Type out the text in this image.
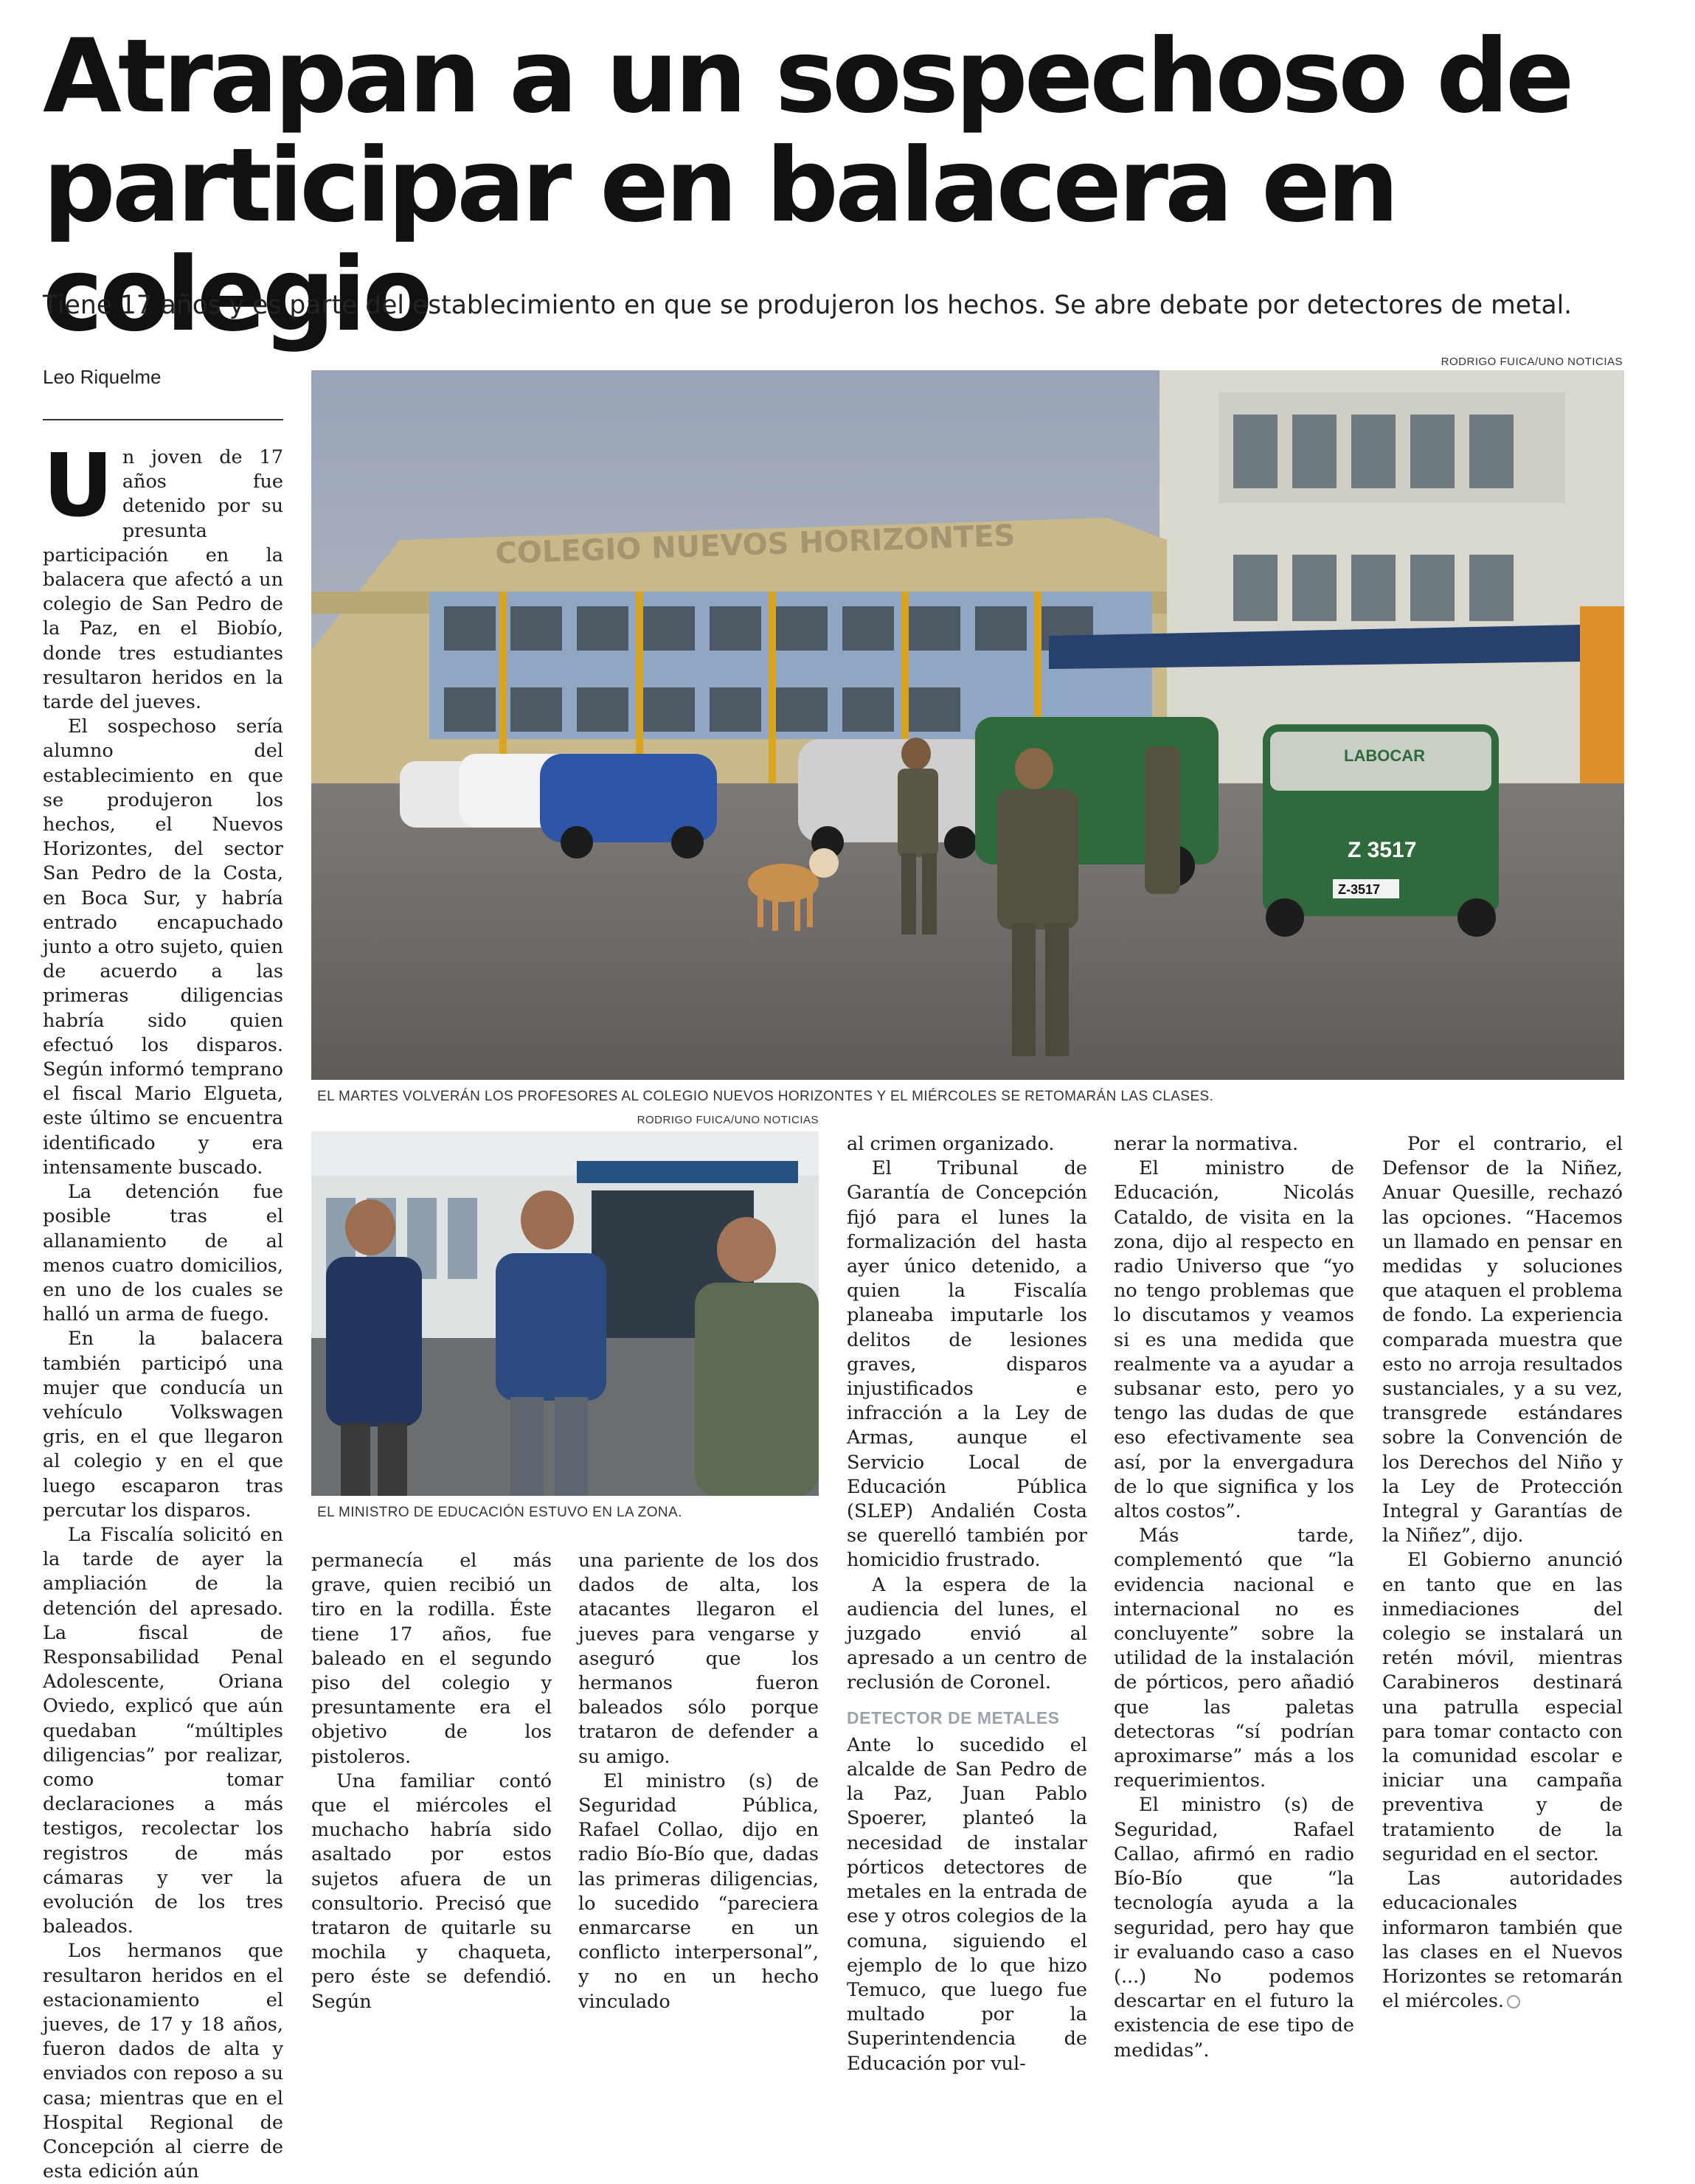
Atrapan a un sospechoso de participar en balacera en colegio

Tiene 17 años y es parte del establecimiento en que se produjeron los hechos. Se abre debate por detectores de metal.

Leo Riquelme
RODRIGO FUICA/UNO NOTICIAS
COLEGIO NUEVOS HORIZONTES
LABOCAR
Z 3517
Z-3517
EL MARTES VOLVERÁN LOS PROFESORES AL COLEGIO NUEVOS HORIZONTES Y EL MIÉRCOLES SE RETOMARÁN LAS CLASES.
RODRIGO FUICA/UNO NOTICIAS
EL MINISTRO DE EDUCACIÓN ESTUVO EN LA ZONA.
U n joven de 17 años fue detenido por su presunta participación en la balacera que afectó a un colegio de San Pedro de la Paz, en el Biobío, donde tres estudiantes resultaron heridos en la tarde del jueves.

El sospechoso sería alumno del establecimiento en que se produjeron los hechos, el Nuevos Horizontes, del sector San Pedro de la Costa, en Boca Sur, y habría entrado encapuchado junto a otro sujeto, quien de acuerdo a las primeras diligencias habría sido quien efectuó los disparos. Según informó temprano el fiscal Mario Elgueta, este último se encuentra identificado y era intensamente buscado.

La detención fue posible tras el allanamiento de al menos cuatro domicilios, en uno de los cuales se halló un arma de fuego.

En la balacera también participó una mujer que conducía un vehículo Volkswagen gris, en el que llegaron al colegio y en el que luego escaparon tras percutar los disparos.

La Fiscalía solicitó en la tarde de ayer la ampliación de la detención del apresado. La fiscal de Responsabilidad Penal Adolescente, Oriana Oviedo, explicó que aún quedaban “múltiples diligencias” por realizar, como tomar declaraciones a más testigos, recolectar los registros de más cámaras y ver la evolución de los tres baleados.

Los hermanos que resultaron heridos en el estacionamiento el jueves, de 17 y 18 años, fueron dados de alta y enviados con reposo a su casa; mientras que en el Hospital Regional de Concepción al cierre de esta edición aún

permanecía el más grave, quien recibió un tiro en la rodilla. Éste tiene 17 años, fue baleado en el segundo piso del colegio y presuntamente era el objetivo de los pistoleros.

Una familiar contó que el miércoles el muchacho habría sido asaltado por estos sujetos afuera de un consultorio. Precisó que trataron de quitarle su mochila y chaqueta, pero éste se defendió. Según

una pariente de los dos dados de alta, los atacantes llegaron el jueves para vengarse y aseguró que los hermanos fueron baleados sólo porque trataron de defender a su amigo.

El ministro (s) de Seguridad Pública, Rafael Collao, dijo en radio Bío-Bío que, dadas las primeras diligencias, lo sucedido “pareciera enmarcarse en un conflicto interpersonal”, y no en un hecho vinculado

al crimen organizado.

El Tribunal de Garantía de Concepción fijó para el lunes la formalización del hasta ayer único detenido, a quien la Fiscalía planeaba imputarle los delitos de lesiones graves, disparos injustificados e infracción a la Ley de Armas, aunque el Servicio Local de Educación Pública (SLEP) Andalién Costa se querelló también por homicidio frustrado.

A la espera de la audiencia del lunes, el juzgado envió al apresado a un centro de reclusión de Coronel.

DETECTOR DE METALES

Ante lo sucedido el alcalde de San Pedro de la Paz, Juan Pablo Spoerer, planteó la necesidad de instalar pórticos detectores de metales en la entrada de ese y otros colegios de la comuna, siguiendo el ejemplo de lo que hizo Temuco, que luego fue multado por la Superintendencia de Educación por vul-

nerar la normativa.

El ministro de Educación, Nicolás Cataldo, de visita en la zona, dijo al respecto en radio Universo que “yo no tengo problemas que lo discutamos y veamos si es una medida que realmente va a ayudar a subsanar esto, pero yo tengo las dudas de que eso efectivamente sea así, por la envergadura de lo que significa y los altos costos”.

Más tarde, complementó que “la evidencia nacional e internacional no es concluyente” sobre la utilidad de la instalación de pórticos, pero añadió que las paletas detectoras “sí podrían aproximarse” más a los requerimientos.

El ministro (s) de Seguridad, Rafael Callao, afirmó en radio Bío-Bío que “la tecnología ayuda a la seguridad, pero hay que ir evaluando caso a caso (...) No podemos descartar en el futuro la existencia de ese tipo de medidas”.

Por el contrario, el Defensor de la Niñez, Anuar Quesille, rechazó las opciones. “Hacemos un llamado en pensar en medidas y soluciones que ataquen el problema de fondo. La experiencia comparada muestra que esto no arroja resultados sustanciales, y a su vez, transgrede estándares sobre la Convención de los Derechos del Niño y la Ley de Protección Integral y Garantías de la Niñez”, dijo.

El Gobierno anunció en tanto que en las inmediaciones del colegio se instalará un retén móvil, mientras Carabineros destinará una patrulla especial para tomar contacto con la comunidad escolar e iniciar una campaña preventiva y de tratamiento de la seguridad en el sector.

Las autoridades educacionales informaron también que las clases en el Nuevos Horizontes se retomarán el miércoles.
